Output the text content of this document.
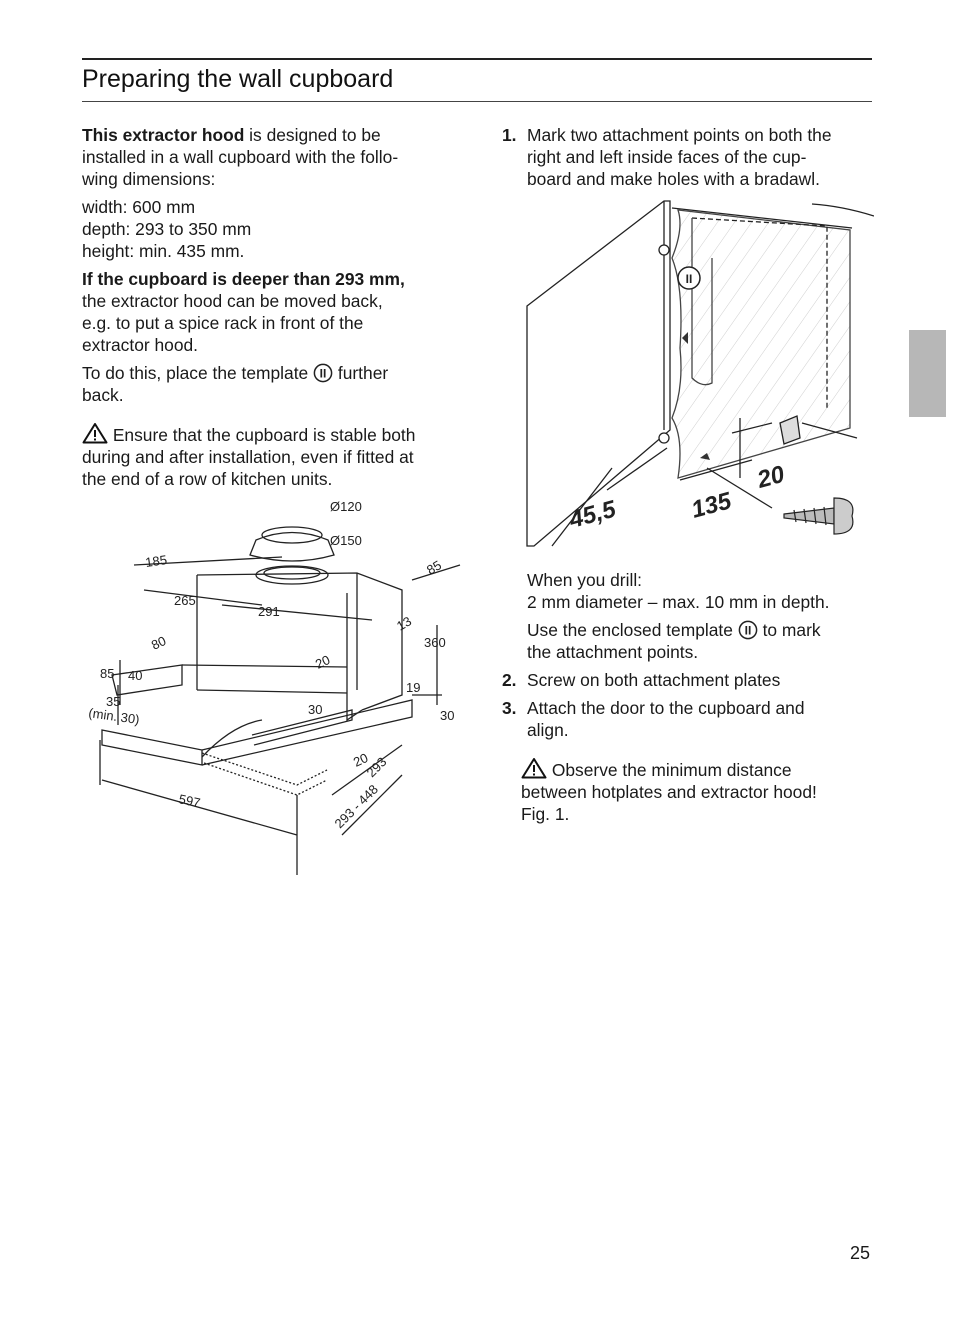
Preparing the wall cupboard

This extractor hood is designed to be
installed in a wall cupboard with the follo-
wing dimensions:

width: 600 mm
depth: 293 to 350 mm
height: min. 435 mm.

If the cupboard is deeper than 293 mm,
the extractor hood can be moved back,
e.g. to put a spice rack in front of the
extractor hood.

To do this, place the template II further
back.

Ensure that the cupboard is stable both
during and after installation, even if fitted at
the end of a row of kitchen units.

Ø120
Ø150
185
265
291
85
13
360
80
85 40
20
35
(min. 30)	30
19
30
20
293
597	293 - 448
1. Mark two attachment points on both the
right and left inside faces of the cup-
board and make holes with a bradawl.
II
45,5	135
20

When you drill:
2 mm diameter – max. 10 mm in depth.

Use the enclosed template II to mark
the attachment points.

2. Screw on both attachment plates
3. Attach the door to the cupboard and
align.

Observe the minimum distance
between hotplates and extractor hood!
Fig. 1.

25
